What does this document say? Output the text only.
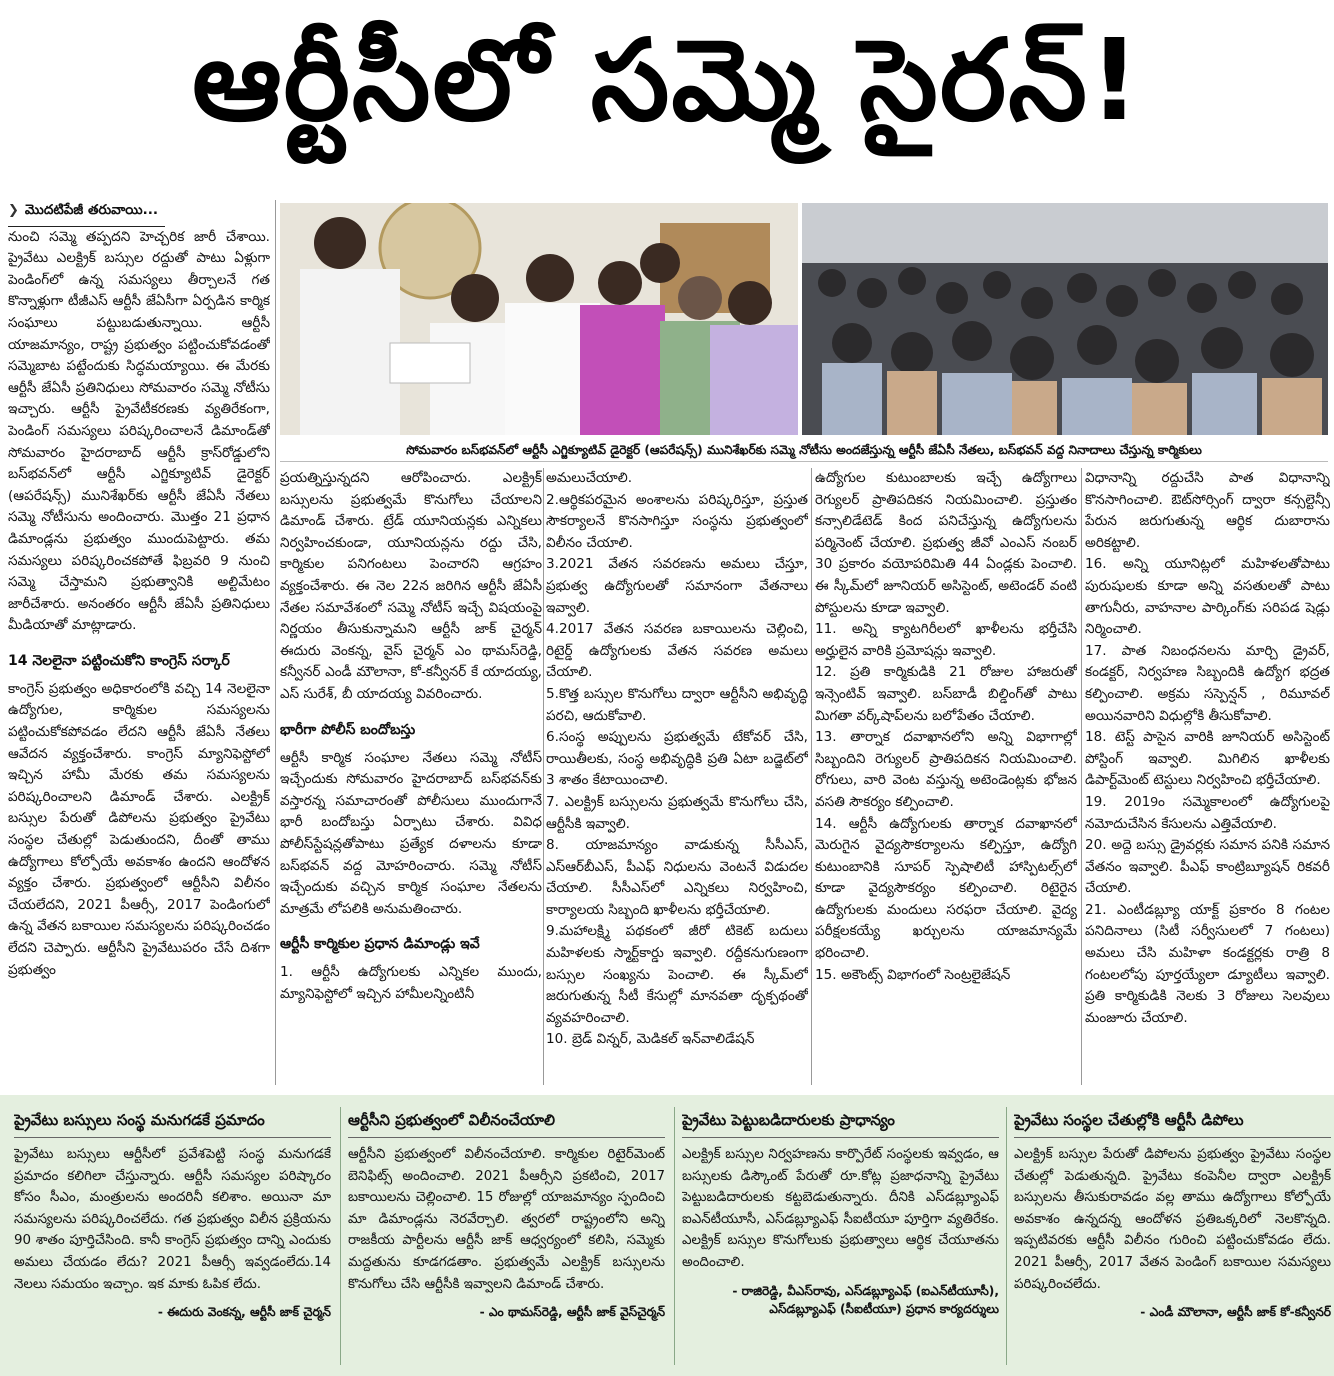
ఆర్టీసీలో సమ్మె సైరన్!
❯ మొదటిపేజీ తరువాయి...

నుంచి సమ్మె తప్పదని హెచ్చరిక జారీ చేశాయి. ప్రైవేటు ఎలక్ట్రిక్ బస్సుల రద్దుతో పాటు ఏళ్లుగా పెండింగ్‌లో ఉన్న సమస్యలు తీర్చాలనే గత కొన్నాళ్లుగా టీజీఎస్ ఆర్టీసీ జేఏసీగా ఏర్పడిన కార్మిక సంఘాలు పట్టుబడుతున్నాయి. ఆర్టీసీ యాజమాన్యం, రాష్ట్ర ప్రభుత్వం పట్టించుకోవడంతో సమ్మెబాట పట్టేందుకు సిద్ధమయ్యాయి. ఈ మేరకు ఆర్టీసీ జేఏసీ ప్రతినిధులు సోమవారం సమ్మె నోటీసు ఇచ్చారు. ఆర్టీసీ ప్రైవేటీకరణకు వ్యతిరేకంగా, పెండింగ్ సమస్యలు పరిష్కరించాలనే డిమాండ్‌తో సోమవారం హైదరాబాద్ ఆర్టీసీ క్రాస్‌రోడ్డులోని బస్‌భవన్‌లో ఆర్టీసీ ఎగ్జిక్యూటివ్ డైరెక్టర్ (ఆపరేషన్స్) మునిశేఖర్‌కు ఆర్టీసీ జేఏసీ నేతలు సమ్మె నోటీసును అందించారు. మొత్తం 21 ప్రధాన డిమాండ్లను ప్రభుత్వం ముందుపెట్టారు. తమ సమస్యలు పరిష్కరించకపోతే ఫిబ్రవరి 9 నుంచి సమ్మె చేస్తామని ప్రభుత్వానికి అల్టిమేటం జారీచేశారు. అనంతరం ఆర్టీసీ జేఏసీ ప్రతినిధులు మీడియాతో మాట్లాడారు.

14 నెలలైనా పట్టించుకోని కాంగ్రెస్ సర్కార్

కాంగ్రెస్ ప్రభుత్వం అధికారంలోకి వచ్చి 14 నెలలైనా ఉద్యోగుల, కార్మికుల సమస్యలను పట్టించుకోకపోవడం లేదని ఆర్టీసీ జేఏసీ నేతలు ఆవేదన వ్యక్తంచేశారు. కాంగ్రెస్ మ్యానిఫెస్టోలో ఇచ్చిన హామీ మేరకు తమ సమస్యలను పరిష్కరించాలని డిమాండ్ చేశారు. ఎలక్ట్రిక్ బస్సుల పేరుతో డిపోలను ప్రభుత్వం ప్రైవేటు సంస్థల చేతుల్లో పెడుతుందని, దీంతో తాము ఉద్యోగాలు కోల్పోయే అవకాశం ఉందని ఆందోళన వ్యక్తం చేశారు. ప్రభుత్వంలో ఆర్టీసీని విలీనం చేయలేదని, 2021 పీఆర్సీ, 2017 పెండింగులో ఉన్న వేతన బకాయిల సమస్యలను పరిష్కరించడం లేదని చెప్పారు. ఆర్టీసీని ప్రైవేటుపరం చేసే దిశగా ప్రభుత్వం

సోమవారం బస్‌భవన్‌లో ఆర్టీసీ ఎగ్జిక్యూటివ్ డైరెక్టర్ (ఆపరేషన్స్) మునిశేఖర్‌కు సమ్మె నోటీసు అందజేస్తున్న ఆర్టీసీ జేఏసీ నేతలు, బస్‌భవన్ వద్ద నినాదాలు చేస్తున్న కార్మికులు

ప్రయత్నిస్తున్నదని ఆరోపించారు. ఎలక్ట్రిక్ బస్సులను ప్రభుత్వమే కొనుగోలు చేయాలని డిమాండ్ చేశారు. ట్రేడ్ యూనియన్లకు ఎన్నికలు నిర్వహించకుండా, యూనియన్లను రద్దు చేసి, కార్మికుల పనిగంటలు పెంచారని ఆగ్రహం వ్యక్తంచేశారు. ఈ నెల 22న జరిగిన ఆర్టీసీ జేఏసీ నేతల సమావేశంలో సమ్మె నోటీస్ ఇచ్చే విషయంపై నిర్ణయం తీసుకున్నామని ఆర్టీసీ జాక్ చైర్మన్ ఈదురు వెంకన్న, వైస్ చైర్మన్ ఎం థామస్‌రెడ్డి, కన్వీనర్ ఎండీ మౌలానా, కో-కన్వీనర్ కే యాదయ్య, ఎస్ సురేశ్, బీ యాదయ్య వివరించారు.

భారీగా పోలీస్ బందోబస్తు

ఆర్టీసీ కార్మిక సంఘాల నేతలు సమ్మె నోటీస్ ఇచ్చేందుకు సోమవారం హైదరాబాద్ బస్‌భవన్‌కు వస్తారన్న సమాచారంతో పోలీసులు ముందుగానే భారీ బందోబస్తు ఏర్పాటు చేశారు. వివిధ పోలీస్‌స్టేషన్లతోపాటు ప్రత్యేక దళాలను కూడా బస్‌భవన్ వద్ద మోహరించారు. సమ్మె నోటీస్ ఇచ్చేందుకు వచ్చిన కార్మిక సంఘాల నేతలను మాత్రమే లోపలికి అనుమతించారు.

ఆర్టీసీ కార్మికుల ప్రధాన డిమాండ్లు ఇవే

1. ఆర్టీసీ ఉద్యోగులకు ఎన్నికల ముందు, మ్యానిఫెస్టోలో ఇచ్చిన హామీలన్నింటినీ

అమలుచేయాలి.

2.ఆర్థికపరమైన అంశాలను పరిష్కరిస్తూ, ప్రస్తుత సౌకర్యాలనే కొనసాగిస్తూ సంస్థను ప్రభుత్వంలో విలీనం చేయాలి.

3.2021 వేతన సవరణను అమలు చేస్తూ, ప్రభుత్వ ఉద్యోగులతో సమానంగా వేతనాలు ఇవ్వాలి.

4.2017 వేతన సవరణ బకాయిలను చెల్లించి, రిటైర్డ్ ఉద్యోగులకు వేతన సవరణ అమలు చేయాలి.

5.కొత్త బస్సుల కొనుగోలు ద్వారా ఆర్టీసీని అభివృద్ధి పరచి, ఆదుకోవాలి.

6.సంస్థ అప్పులను ప్రభుత్వమే టేకోవర్ చేసి, రాయితీలకు, సంస్థ అభివృద్ధికి ప్రతి ఏటా బడ్జెట్‌లో 3 శాతం కేటాయించాలి.

7. ఎలక్ట్రిక్ బస్సులను ప్రభుత్వమే కొనుగోలు చేసి, ఆర్టీసీకి ఇవ్వాలి.

8. యాజమాన్యం వాడుకున్న సీసీఎస్, ఎస్ఆర్‌బీఎస్, పీఎఫ్ నిధులను వెంటనే విడుదల చేయాలి. సీసీఎస్‌లో ఎన్నికలు నిర్వహించి, కార్యాలయ సిబ్బంది ఖాళీలను భర్తీచేయాలి.

9.మహాలక్ష్మి పథకంలో జీరో టికెట్ బదులు మహిళలకు స్మార్ట్‌కార్డు ఇవ్వాలి. రద్దీకనుగుణంగా బస్సుల సంఖ్యను పెంచాలి. ఈ స్కీమ్‌లో జరుగుతున్న సీటీ కేసుల్లో మానవతా దృక్పథంతో వ్యవహరించాలి.

10. బ్రెడ్ విన్నర్, మెడికల్ ఇన్‌వాలిడేషన్

ఉద్యోగుల కుటుంబాలకు ఇచ్చే ఉద్యోగాలు రెగ్యులర్ ప్రాతిపదికన నియమించాలి. ప్రస్తుతం కన్సాలిడేటెడ్ కింద పనిచేస్తున్న ఉద్యోగులను పర్మినెంట్ చేయాలి. ప్రభుత్వ జీవో ఎంఎస్ నంబర్ 30 ప్రకారం వయోపరిమితి 44 ఏండ్లకు పెంచాలి. ఈ స్కీమ్‌లో జూనియర్ అసిస్టెంట్, అటెండర్ వంటి పోస్టులను కూడా ఇవ్వాలి.

11. అన్ని క్యాటగిరీలలో ఖాళీలను భర్తీచేసి అర్హులైన వారికి ప్రమోషన్లు ఇవ్వాలి.

12. ప్రతి కార్మికుడికి 21 రోజుల హాజరుతో ఇన్సెంటివ్ ఇవ్వాలి. బస్‌బాడీ బిల్డింగ్‌తో పాటు మిగతా వర్క్‌షాప్‌లను బలోపేతం చేయాలి.

13. తార్నాక దవాఖానలోని అన్ని విభాగాల్లో సిబ్బందిని రెగ్యులర్ ప్రాతిపదికన నియమించాలి. రోగులు, వారి వెంట వస్తున్న అటెండెంట్లకు భోజన వసతి సౌకర్యం కల్పించాలి.

14. ఆర్టీసీ ఉద్యోగులకు తార్నాక దవాఖానలో మెరుగైన వైద్యసౌకర్యాలను కల్పిస్తూ, ఉద్యోగి కుటుంబానికి సూపర్ స్పెషాలిటీ హాస్పిటల్స్‌లో కూడా వైద్యసౌకర్యం కల్పించాలి. రిటైరైన ఉద్యోగులకు మందులు సరఫరా చేయాలి. వైద్య పరీక్షలకయ్యే ఖర్చులను యాజమాన్యమే భరించాలి.

15. అకౌంట్స్ విభాగంలో సెంట్రలైజేషన్

విధానాన్ని రద్దుచేసి పాత విధానాన్ని కొనసాగించాలి. ఔట్‌సోర్సింగ్ ద్వారా కన్సల్టెన్సీ పేరున జరుగుతున్న ఆర్థిక దుబారాను అరికట్టాలి.

16. అన్ని యూనిట్లలో మహిళలతోపాటు పురుషులకు కూడా అన్ని వసతులతో పాటు తాగునీరు, వాహనాల పార్కింగ్‌కు సరిపడ షెడ్లు నిర్మించాలి.

17. పాత నిబంధనలను మార్చి డ్రైవర్, కండక్టర్, నిర్వహణ సిబ్బందికి ఉద్యోగ భద్రత కల్పించాలి. అక్రమ సస్పెన్షన్ , రిమూవల్ అయినవారిని విధుల్లోకి తీసుకోవాలి.

18. టెస్ట్ పాసైన వారికి జూనియర్ అసిస్టెంట్ పోస్టింగ్ ఇవ్వాలి. మిగిలిన ఖాళీలకు డిపార్ట్‌మెంట్ టెస్టులు నిర్వహించి భర్తీచేయాలి.

19. 2019ం సమ్మెకాలంలో ఉద్యోగులపై నమోదుచేసిన కేసులను ఎత్తివేయాలి.

20. అద్దె బస్సు డ్రైవర్లకు సమాన పనికి సమాన వేతనం ఇవ్వాలి. పీఎఫ్ కాంట్రిబ్యూషన్ రికవరీ చేయాలి.

21. ఎంటీడబ్ల్యూ యాక్ట్ ప్రకారం 8 గంటల పనిదినాలు (సిటీ సర్వీసులలో 7 గంటలు) అమలు చేసి మహిళా కండక్టర్లకు రాత్రి 8 గంటలలోపు పూర్తయ్యేలా డ్యూటీలు ఇవ్వాలి. ప్రతి కార్మికుడికి నెలకు 3 రోజులు సెలవులు మంజూరు చేయాలి.

ప్రైవేటు బస్సులు సంస్థ మనుగడకే ప్రమాదం

ప్రైవేటు బస్సులు ఆర్టీసీలో ప్రవేశపెట్టి సంస్థ మనుగడకే ప్రమాదం కలిగిలా చేస్తున్నారు. ఆర్టీసీ సమస్యల పరిష్కారం కోసం సీఎం, మంత్రులను అందరినీ కలిశాం. అయినా మా సమస్యలను పరిష్కరించలేదు. గత ప్రభుత్వం విలీన ప్రక్రియను 90 శాతం పూర్తిచేసింది. కానీ కాంగ్రెస్ ప్రభుత్వం దాన్ని ఎందుకు అమలు చేయడం లేదు? 2021 పీఆర్సీ ఇవ్వడంలేదు.14 నెలలు సమయం ఇచ్చాం. ఇక మాకు ఓపిక లేదు.

- ఈదురు వెంకన్న, ఆర్టీసీ జాక్ చైర్మన్
ఆర్టీసీని ప్రభుత్వంలో విలీనంచేయాలి

ఆర్టీసీని ప్రభుత్వంలో విలీనంచేయాలి. కార్మికుల రిటైర్‌మెంట్ బెనిఫిట్స్ అందించాలి. 2021 పీఆర్సీని ప్రకటించి, 2017 బకాయిలను చెల్లించాలి. 15 రోజుల్లో యాజమాన్యం స్పందించి మా డిమాండ్లను నెరవేర్చాలి. త్వరలో రాష్ట్రంలోని అన్ని రాజకీయ పార్టీలను ఆర్టీసీ జాక్ ఆధ్వర్యంలో కలిసి, సమ్మెకు మద్దతును కూడగడతాం. ప్రభుత్వమే ఎలక్ట్రిక్ బస్సులను కొనుగోలు చేసి ఆర్టీసీకి ఇవ్వాలని డిమాండ్ చేశారు.

- ఎం థామస్‌రెడ్డి, ఆర్టీసీ జాక్ వైస్‌చైర్మన్
ప్రైవేటు పెట్టుబడిదారులకు ప్రాధాన్యం

ఎలక్ట్రిక్ బస్సుల నిర్వహణను కార్పొరేట్ సంస్థలకు ఇవ్వడం, ఆ బస్సులకు డిస్కౌంట్ పేరుతో రూ.కోట్ల ప్రజాధనాన్ని ప్రైవేటు పెట్టుబడిదారులకు కట్టబెడుతున్నారు. దీనికి ఎస్‌డబ్ల్యూఎఫ్ ఐఎన్‌టీయూసీ, ఎస్‌డబ్ల్యూఎఫ్ సీఐటీయూ పూర్తిగా వ్యతిరేకం. ఎలక్ట్రిక్ బస్సుల కొనుగోలుకు ప్రభుత్వాలు ఆర్థిక చేయూతను అందించాలి.

- రాజిరెడ్డి, వీఎస్‌రావు, ఎస్‌డబ్ల్యూఎఫ్ (ఐఎన్‌టీయూసీ), ఎస్‌డబ్ల్యూఎఫ్ (సీఐటీయూ) ప్రధాన కార్యదర్శులు
ప్రైవేటు సంస్థల చేతుల్లోకి ఆర్టీసీ డిపోలు

ఎలక్ట్రిక్ బస్సుల పేరుతో డిపోలను ప్రభుత్వం ప్రైవేటు సంస్థల చేతుల్లో పెడుతున్నది. ప్రైవేటు కంపెనీల ద్వారా ఎలక్ట్రిక్ బస్సులను తీసుకురావడం వల్ల తాము ఉద్యోగాలు కోల్పోయే అవకాశం ఉన్నదన్న ఆందోళన ప్రతిఒక్కరిలో నెలకొన్నది. ఇప్పటివరకు ఆర్టీసీ విలీనం గురించి పట్టించుకోవడం లేదు. 2021 పీఆర్సీ, 2017 వేతన పెండింగ్ బకాయిల సమస్యలు పరిష్కరించలేదు.

- ఎండీ మౌలానా, ఆర్టీసీ జాక్ కో-కన్వీనర్
